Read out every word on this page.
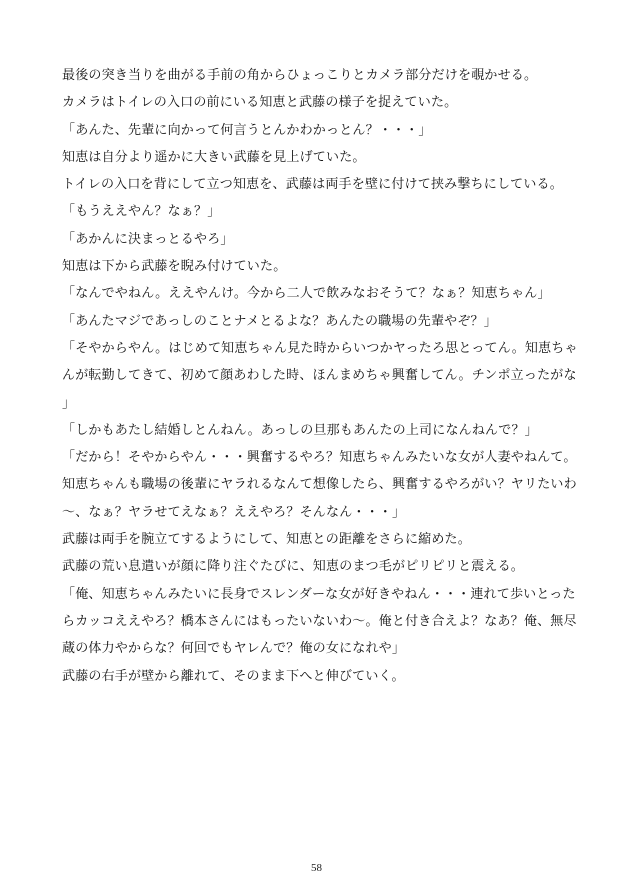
最後の突き当りを曲がる手前の角からひょっこりとカメラ部分だけを覗かせる。
カメラはトイレの入口の前にいる知恵と武藤の様子を捉えていた。
「あんた、先輩に向かって何言うとんかわかっとん？・・・」
知恵は自分より遥かに大きい武藤を見上げていた。
トイレの入口を背にして立つ知恵を、武藤は両手を壁に付けて挟み撃ちにしている。
「もうええやん？なぁ？」
「あかんに決まっとるやろ」
知恵は下から武藤を睨み付けていた。
「なんでやねん。ええやんけ。今から二人で飲みなおそうて？なぁ？知恵ちゃん」
「あんたマジであっしのことナメとるよな？あんたの職場の先輩やぞ？」
「そやからやん。はじめて知恵ちゃん見た時からいつかヤったろ思とってん。知恵ちゃ
んが転勤してきて、初めて顔あわした時、ほんまめちゃ興奮してん。チンポ立ったがな
」
「しかもあたし結婚しとんねん。あっしの旦那もあんたの上司になんねんで？」
「だから！そやからやん・・・興奮するやろ？知恵ちゃんみたいな女が人妻やねんて。
知恵ちゃんも職場の後輩にヤラれるなんて想像したら、興奮するやろがい？ヤリたいわ
〜、なぁ？ヤラせてえなぁ？ええやろ？そんなん・・・」
武藤は両手を腕立てするようにして、知恵との距離をさらに縮めた。
武藤の荒い息遣いが顔に降り注ぐたびに、知恵のまつ毛がピリピリと震える。
「俺、知恵ちゃんみたいに長身でスレンダーな女が好きやねん・・・連れて歩いとった
らカッコええやろ？橋本さんにはもったいないわ〜。俺と付き合えよ？なあ？俺、無尽
蔵の体力やからな？何回でもヤレんで？俺の女になれや」
武藤の右手が壁から離れて、そのまま下へと伸びていく。
58
